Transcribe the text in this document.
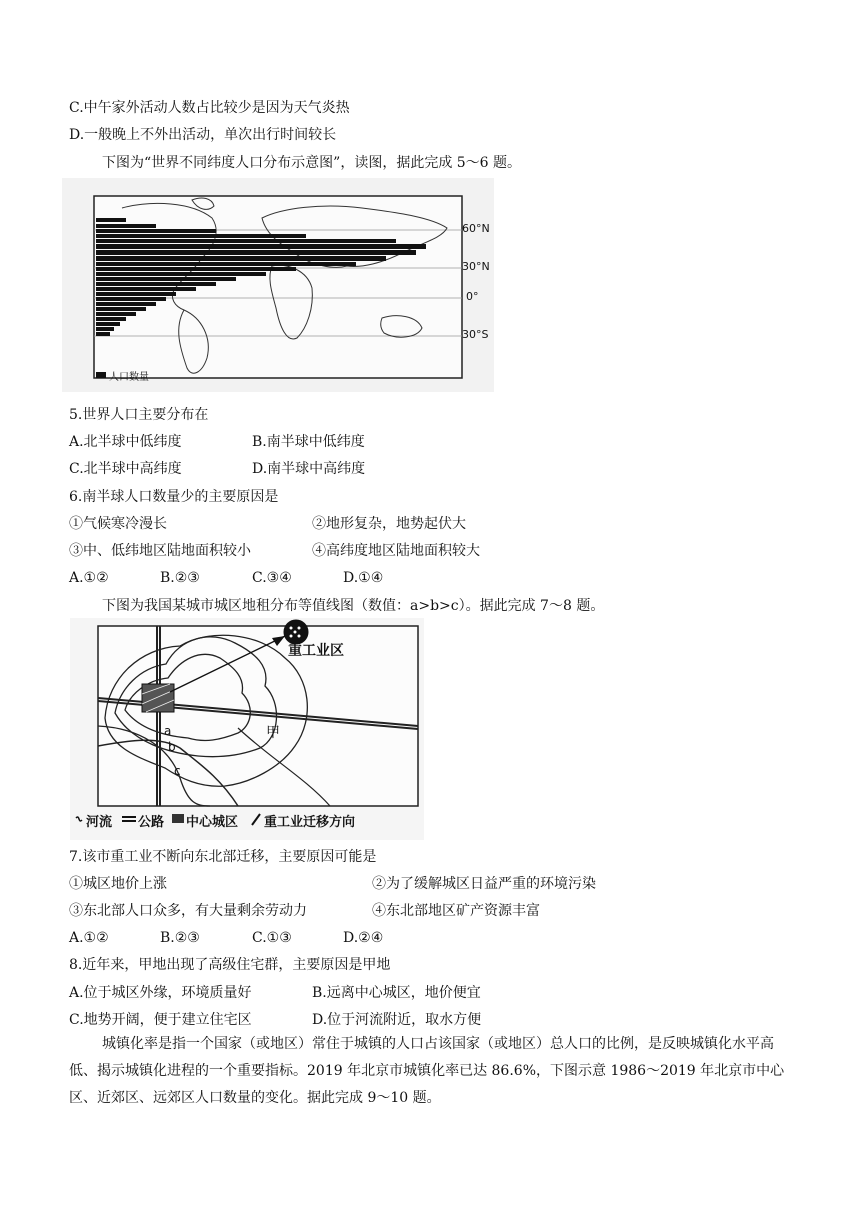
C.中午家外活动人数占比较少是因为天气炎热
D.一般晚上不外出活动，单次出行时间较长
下图为“世界不同纬度人口分布示意图”，读图，据此完成 5～6 题。
60°N
30°N
0°
30°S
人口数量
5.世界人口主要分布在
A.北半球中低纬度	B.南半球中低纬度
C.北半球中高纬度	D.南半球中高纬度
6.南半球人口数量少的主要原因是
①气候寒冷漫长	②地形复杂，地势起伏大
③中、低纬地区陆地面积较小	④高纬度地区陆地面积较大
A.①②	B.②③	C.③④	D.①④
下图为我国某城市城区地租分布等值线图（数值：a>b>c）。据此完成 7～8 题。
重工业区
甲
a
b
c
河流 公路 中心城区 重工业迁移方向
7.该市重工业不断向东北部迁移，主要原因可能是
①城区地价上涨	②为了缓解城区日益严重的环境污染
③东北部人口众多，有大量剩余劳动力	④东北部地区矿产资源丰富
A.①②	B.②③	C.①③	D.②④
8.近年来，甲地出现了高级住宅群，主要原因是甲地
A.位于城区外缘，环境质量好	B.远离中心城区，地价便宜
C.地势开阔，便于建立住宅区	D.位于河流附近，取水方便
城镇化率是指一个国家（或地区）常住于城镇的人口占该国家（或地区）总人口的比例，是反映城镇化水平高低、揭示城镇化进程的一个重要指标。2019 年北京市城镇化率已达 86.6%，下图示意 1986～2019 年北京市中心区、近郊区、远郊区人口数量的变化。据此完成 9～10 题。
